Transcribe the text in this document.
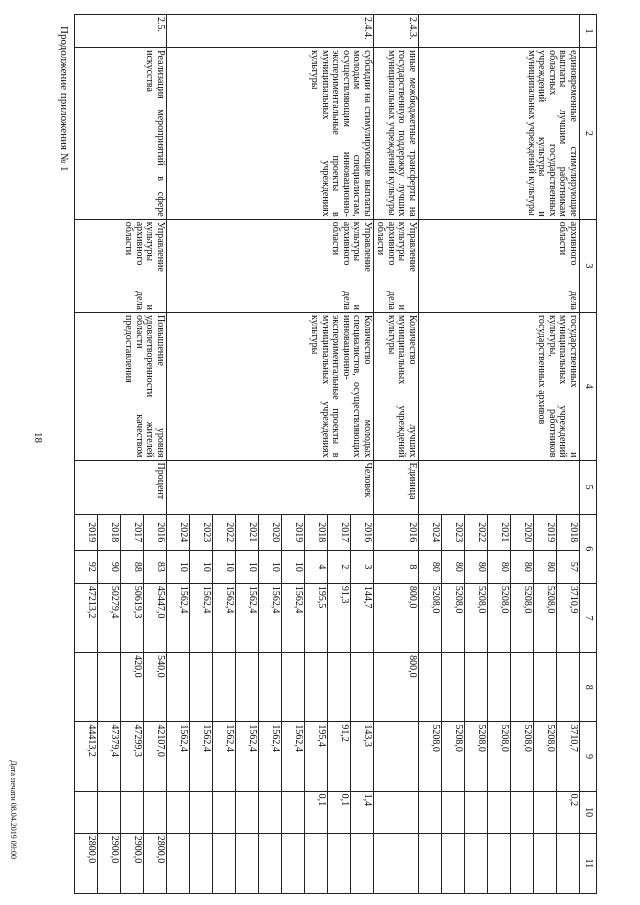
18
Продолжение приложения № 1
Дата печати 08.04.2019 09:00
1	2	3	4	5	6		7	8	9	10	11
	единовременные стимулирующие выплаты лучшим работникам областных государственных учреждений культуры и муниципальных учреждений культуры	архивного дела области	государственных и муниципальных учреждений культуры, работников государственных архивов		2018	57	3710,9		3710,7	0,2	
					2019	80	5208,0		5208,0		
					2020	80	5208,0		5208,0		
					2021	80	5208,0		5208,0		
					2022	80	5208,0		5208,0		
					2023	80	5208,0		5208,0		
					2024	80	5208,0		5208,0		
2.4.3.	иные межбюджетные трансферты на государственную поддержку лучших муниципальных учреждений культуры	Управление культуры и архивного дела области	Количество лучших муниципальных учреждений культуры	Единица	2016	8	800,0	800,0			
2.4.4.	субсидии на стимулирующие выплаты молодым специалистам, осуществляющим инновационно-экспериментальные проекты в муниципальных учреждениях культуры	Управление культуры и архивного дела области	Количество молодых специалистов, осуществляющих инновационно-экспериментальные проекты в муниципальных учреждениях культуры	Человек	2016	3	144,7		143,3	1,4	
					2017	2	91,3		91,2	0,1	
					2018	4	195,5		195,4	0,1	
					2019	10	1562,4		1562,4		
					2020	10	1562,4		1562,4		
					2021	10	1562,4		1562,4		
					2022	10	1562,4		1562,4		
					2023	10	1562,4		1562,4		
					2024	10	1562,4		1562,4		
2.5.	Реализация мероприятий в сфере искусства	Управление культуры и архивного дела области	Повышение уровня удовлетворенности жителей области качеством предоставления	Процент	2016	83	45447,0	540,0	42107,0		2800,0
					2017	88	50619,3	420,0	47299,3		2900,0
					2018	90	50279,4		47379,4		2900,0
					2019	92	47213,2		44413,2		2800,0
